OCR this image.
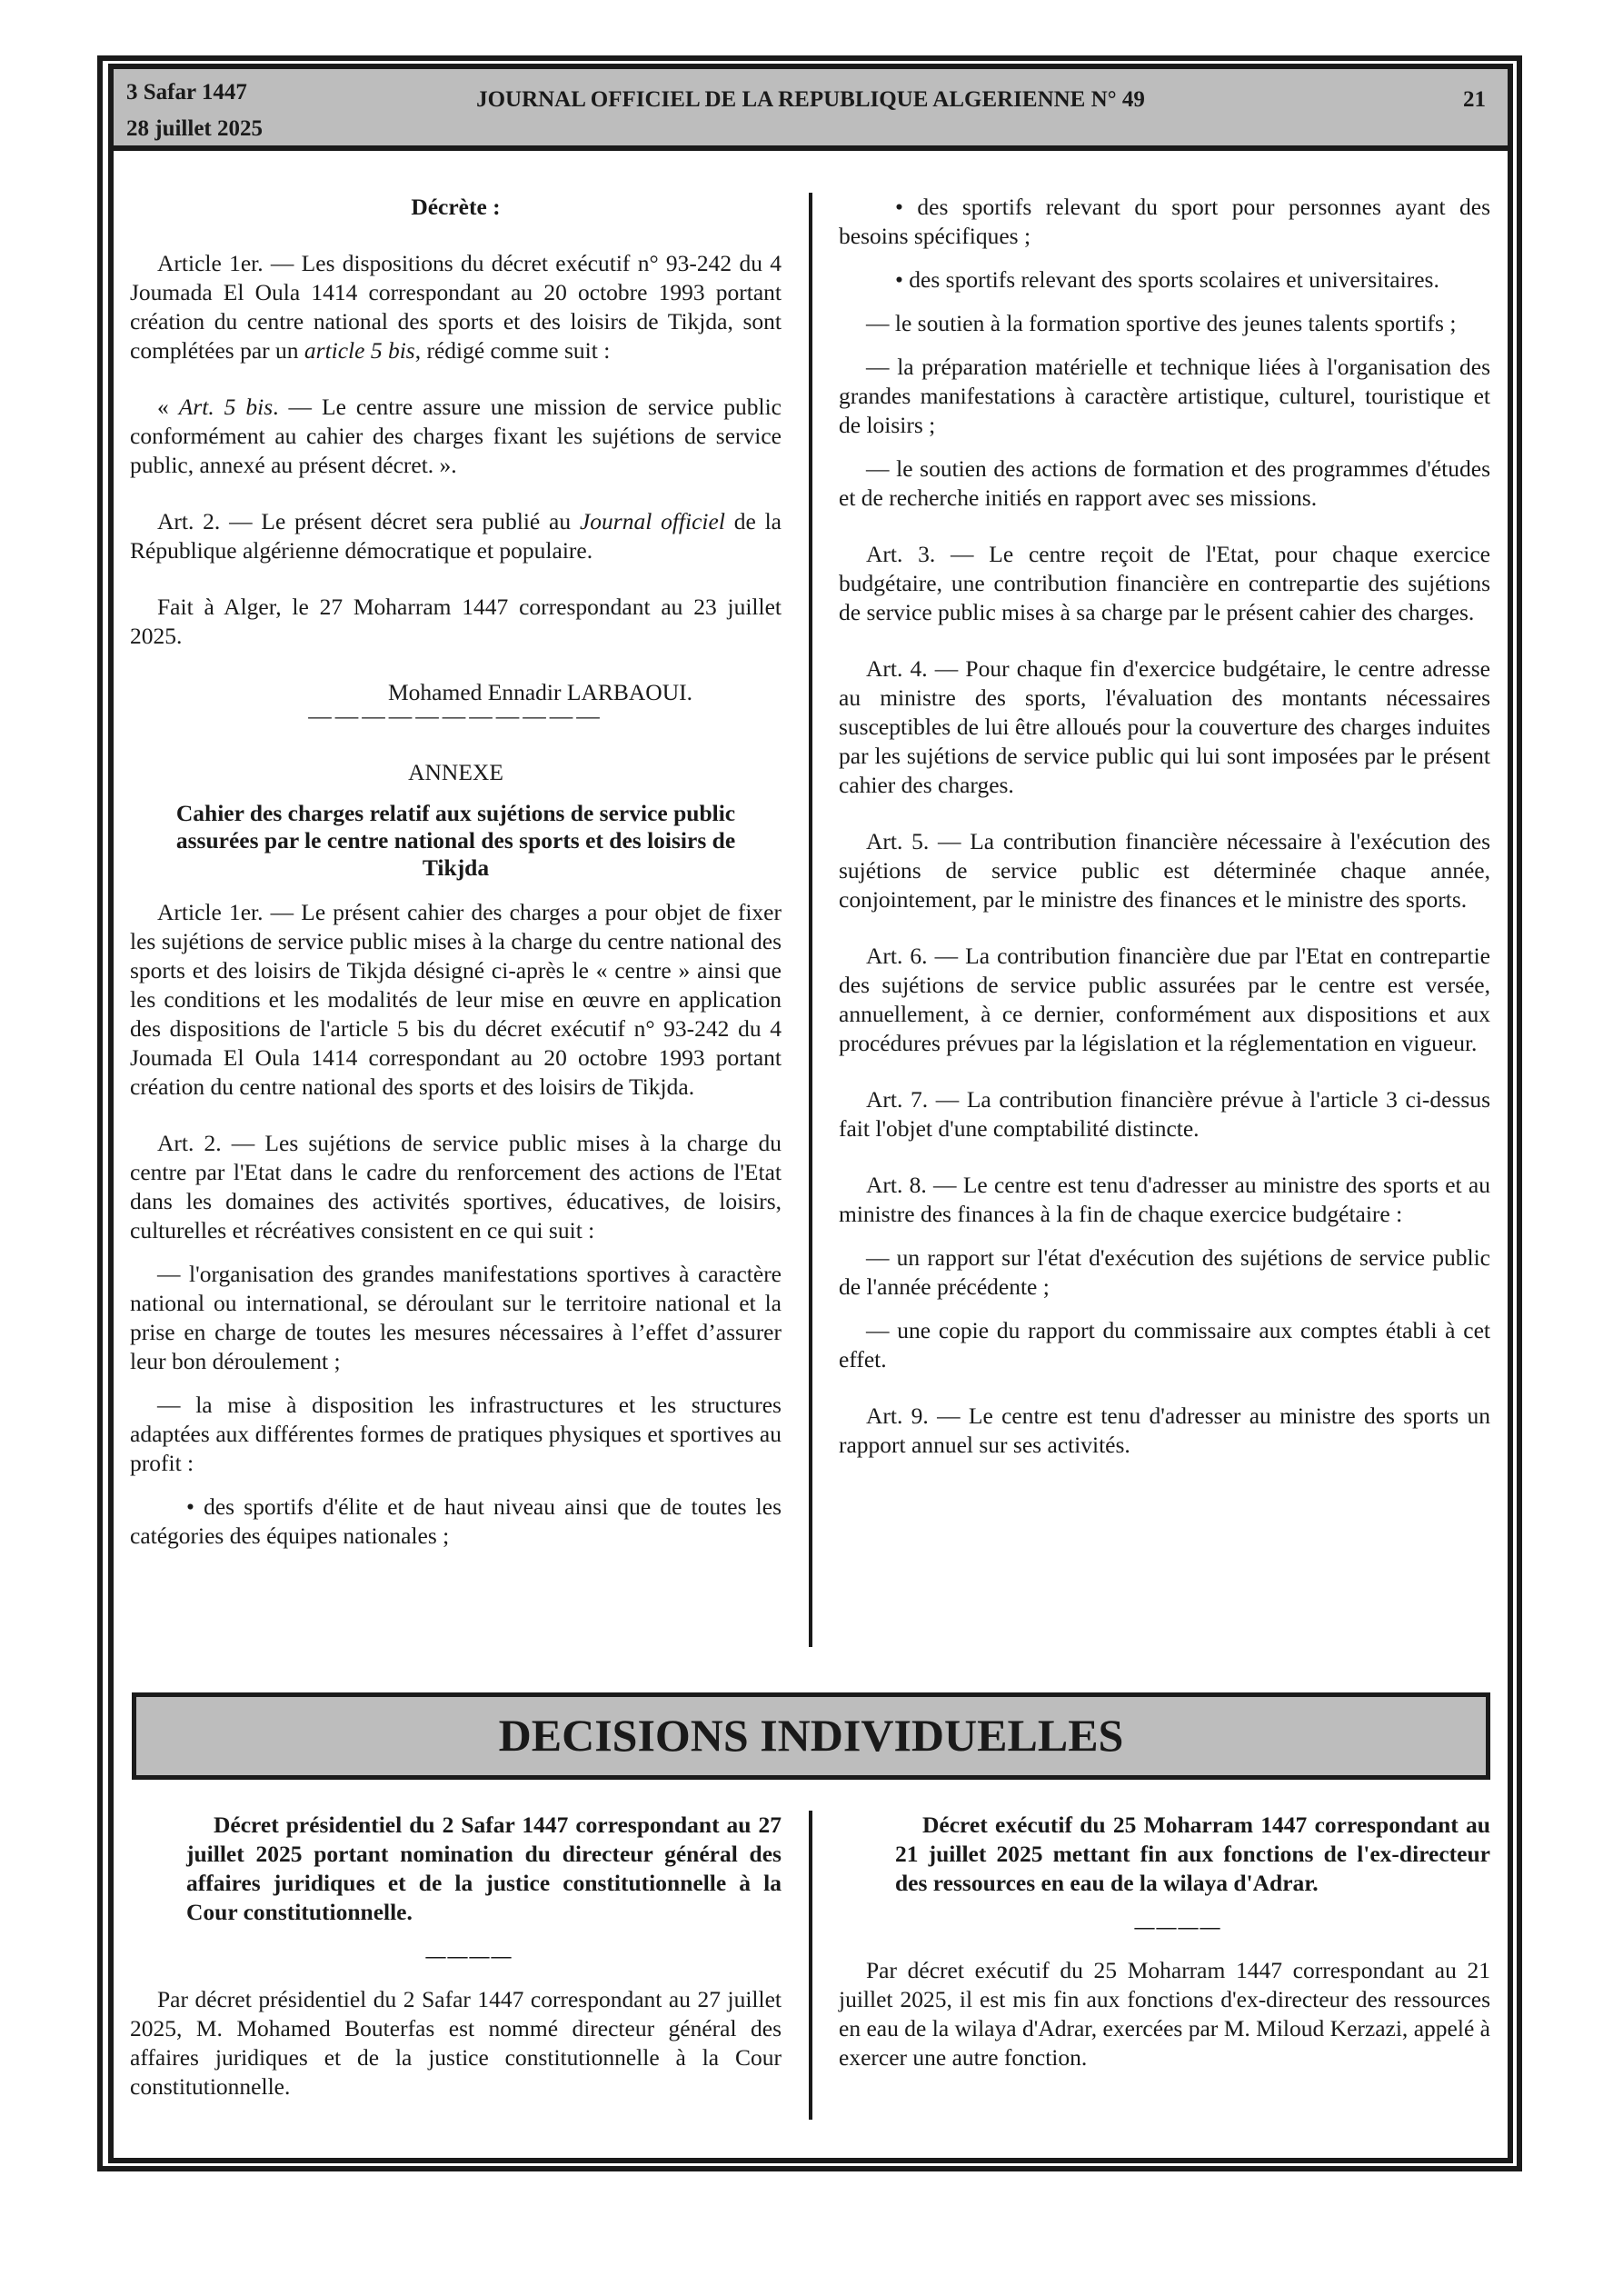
3 Safar 1447
28 juillet 2025
JOURNAL OFFICIEL DE LA REPUBLIQUE ALGERIENNE N° 49	21

Décrète :

Article 1er. — Les dispositions du décret exécutif n° 93-242 du 4 Joumada El Oula 1414 correspondant au 20 octobre 1993 portant création du centre national des sports et des loisirs de Tikjda, sont complétées par un article 5 bis, rédigé comme suit :

« Art. 5 bis. — Le centre assure une mission de service public conformément au cahier des charges fixant les sujétions de service public, annexé au présent décret. ».

Art. 2. — Le présent décret sera publié au Journal officiel de la République algérienne démocratique et populaire.

Fait à Alger, le 27 Moharram 1447 correspondant au 23 juillet 2025.

Mohamed Ennadir LARBAOUI.

———————————

ANNEXE

Cahier des charges relatif aux sujétions de service public assurées par le centre national des sports et des loisirs de Tikjda

Article 1er. — Le présent cahier des charges a pour objet de fixer les sujétions de service public mises à la charge du centre national des sports et des loisirs de Tikjda désigné ci-après le « centre » ainsi que les conditions et les modalités de leur mise en œuvre en application des dispositions de l'article 5 bis du décret exécutif n° 93-242 du 4 Joumada El Oula 1414 correspondant au 20 octobre 1993 portant création du centre national des sports et des loisirs de Tikjda.

Art. 2. — Les sujétions de service public mises à la charge du centre par l'Etat dans le cadre du renforcement des actions de l'Etat dans les domaines des activités sportives, éducatives, de loisirs, culturelles et récréatives consistent en ce qui suit :

— l'organisation des grandes manifestations sportives à caractère national ou international, se déroulant sur le territoire national et la prise en charge de toutes les mesures nécessaires à l’effet d’assurer leur bon déroulement ;

— la mise à disposition les infrastructures et les structures adaptées aux différentes formes de pratiques physiques et sportives au profit :

• des sportifs d'élite et de haut niveau ainsi que de toutes les catégories des équipes nationales ;

• des sportifs relevant du sport pour personnes ayant des besoins spécifiques ;

• des sportifs relevant des sports scolaires et universitaires.

— le soutien à la formation sportive des jeunes talents sportifs ;

— la préparation matérielle et technique liées à l'organisation des grandes manifestations à caractère artistique, culturel, touristique et de loisirs ;

— le soutien des actions de formation et des programmes d'études et de recherche initiés en rapport avec ses missions.

Art. 3. — Le centre reçoit de l'Etat, pour chaque exercice budgétaire, une contribution financière en contrepartie des sujétions de service public mises à sa charge par le présent cahier des charges.

Art. 4. — Pour chaque fin d'exercice budgétaire, le centre adresse au ministre des sports, l'évaluation des montants nécessaires susceptibles de lui être alloués pour la couverture des charges induites par les sujétions de service public qui lui sont imposées par le présent cahier des charges.

Art. 5. — La contribution financière nécessaire à l'exécution des sujétions de service public est déterminée chaque année, conjointement, par le ministre des finances et le ministre des sports.

Art. 6. — La contribution financière due par l'Etat en contrepartie des sujétions de service public assurées par le centre est versée, annuellement, à ce dernier, conformément aux dispositions et aux procédures prévues par la législation et la réglementation en vigueur.

Art. 7. — La contribution financière prévue à l'article 3 ci-dessus fait l'objet d'une comptabilité distincte.

Art. 8. — Le centre est tenu d'adresser au ministre des sports et au ministre des finances à la fin de chaque exercice budgétaire :

— un rapport sur l'état d'exécution des sujétions de service public de l'année précédente ;

— une copie du rapport du commissaire aux comptes établi à cet effet.

Art. 9. — Le centre est tenu d'adresser au ministre des sports un rapport annuel sur ses activités.

DECISIONS INDIVIDUELLES

Décret présidentiel du 2 Safar 1447 correspondant au 27 juillet 2025 portant nomination du directeur général des affaires juridiques et de la justice constitutionnelle à la Cour constitutionnelle.

————

Par décret présidentiel du 2 Safar 1447 correspondant au 27 juillet 2025, M. Mohamed Bouterfas est nommé directeur général des affaires juridiques et de la justice constitutionnelle à la Cour constitutionnelle.

Décret exécutif du 25 Moharram 1447 correspondant au 21 juillet 2025 mettant fin aux fonctions de l'ex-directeur des ressources en eau de la wilaya d'Adrar.

————

Par décret exécutif du 25 Moharram 1447 correspondant au 21 juillet 2025, il est mis fin aux fonctions d'ex-directeur des ressources en eau de la wilaya d'Adrar, exercées par M. Miloud Kerzazi, appelé à exercer une autre fonction.
